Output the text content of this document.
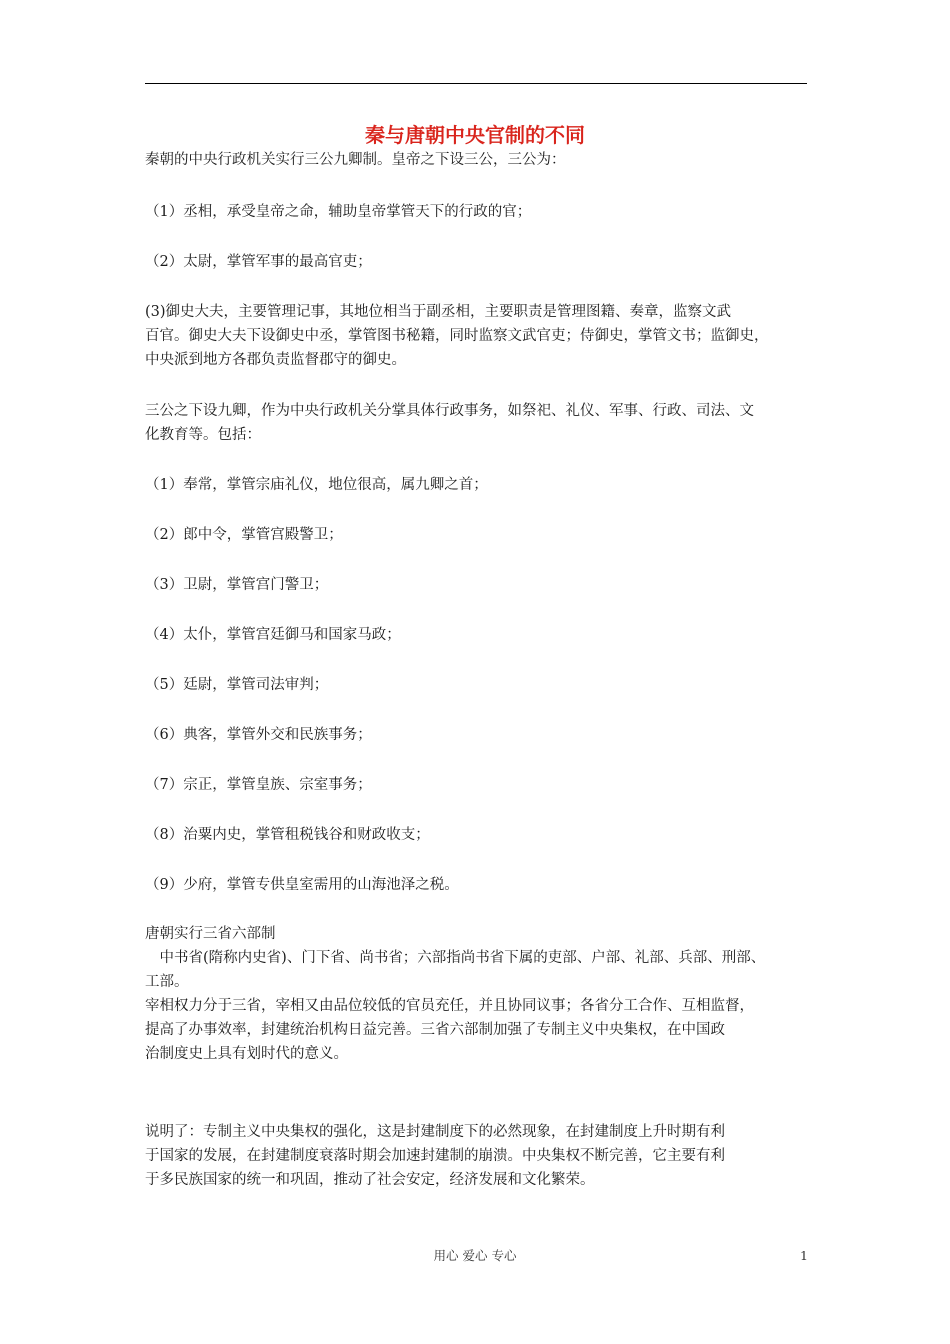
秦与唐朝中央官制的不同

秦朝的中央行政机关实行三公九卿制。皇帝之下设三公，三公为：

（1）丞相，承受皇帝之命，辅助皇帝掌管天下的行政的官；

（2）太尉，掌管军事的最高官吏；

(3)御史大夫，主要管理记事，其地位相当于副丞相，主要职责是管理图籍、奏章，监察文武

百官。御史大夫下设御史中丞，掌管图书秘籍，同时监察文武官吏；侍御史，掌管文书；监御史，

中央派到地方各郡负责监督郡守的御史。

三公之下设九卿，作为中央行政机关分掌具体行政事务，如祭祀、礼仪、军事、行政、司法、文

化教育等。包括：

（1）奉常，掌管宗庙礼仪，地位很高，属九卿之首；

（2）郎中令，掌管宫殿警卫；

（3）卫尉，掌管宫门警卫；

（4）太仆，掌管宫廷御马和国家马政；

（5）廷尉，掌管司法审判；

（6）典客，掌管外交和民族事务；

（7）宗正，掌管皇族、宗室事务；

（8）治粟内史，掌管租税钱谷和财政收支；

（9）少府，掌管专供皇室需用的山海池泽之税。

唐朝实行三省六部制

　中书省(隋称内史省)、门下省、尚书省；六部指尚书省下属的吏部、户部、礼部、兵部、刑部、

工部。

宰相权力分于三省，宰相又由品位较低的官员充任，并且协同议事；各省分工合作、互相监督，

提高了办事效率，封建统治机构日益完善。三省六部制加强了专制主义中央集权，在中国政

治制度史上具有划时代的意义。

说明了：专制主义中央集权的强化，这是封建制度下的必然现象，在封建制度上升时期有利

于国家的发展，在封建制度衰落时期会加速封建制的崩溃。中央集权不断完善，它主要有利

于多民族国家的统一和巩固，推动了社会安定，经济发展和文化繁荣。

用心 爱心 专心	1
